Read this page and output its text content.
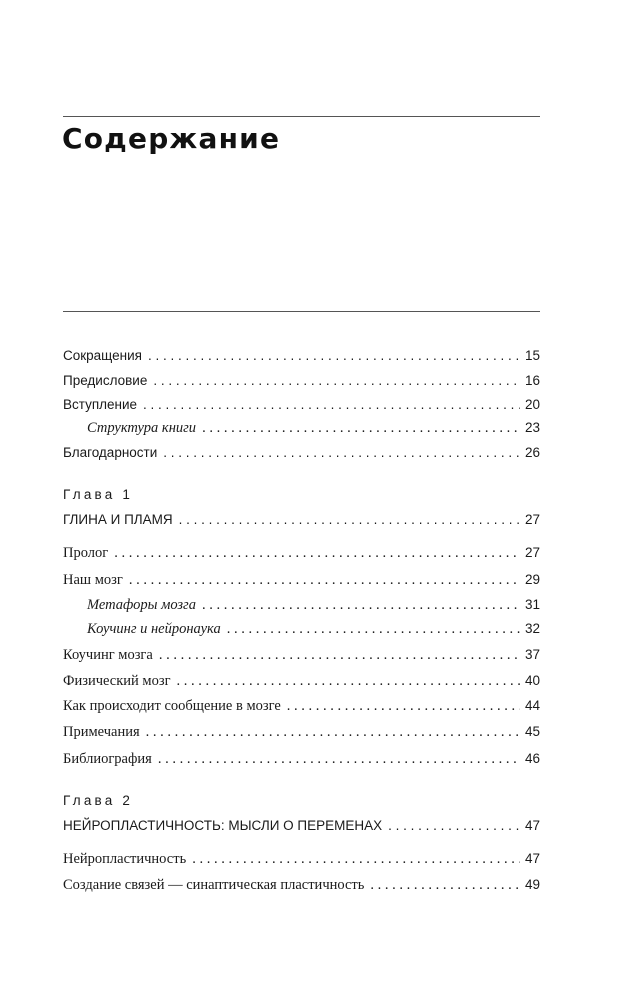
Содержание
Сокращения . . .	15
Предисловие . . .	16
Вступление . . .	20
Структура книги . . .	23
Благодарности . . .	26
Глава 1
ГЛИНА И ПЛАМЯ . . .	27
Пролог . . .	27
Наш мозг . . .	29
Метафоры мозга . . .	31
Коучинг и нейронаука . . .	32
Коучинг мозга . . .	37
Физический мозг . . .	40
Как происходит сообщение в мозге . . .	44
Примечания . . .	45
Библиография . . .	46
Глава 2
НЕЙРОПЛАСТИЧНОСТЬ: МЫСЛИ О ПЕРЕМЕНАХ . . .	47
Нейропластичность . . .	47
Создание связей — синаптическая пластичность . . .	49
